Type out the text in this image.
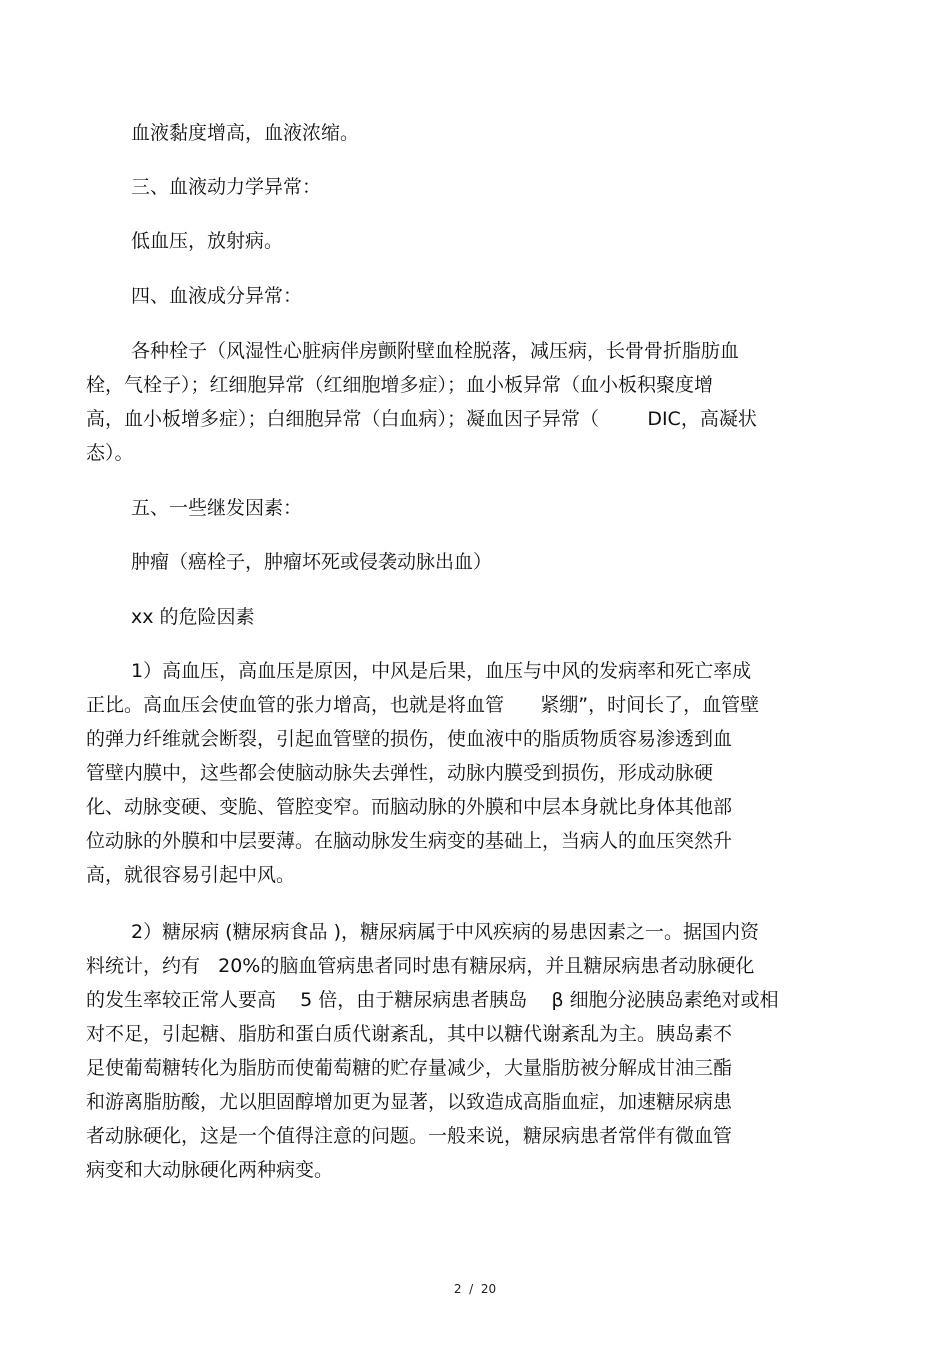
血液黏度增高，血液浓缩。
三、血液动力学异常：
低血压，放射病。
四、血液成分异常：
各种栓子（风湿性心脏病伴房颤附壁血栓脱落，减压病，长骨骨折脂肪血
栓，气栓子）；红细胞异常（红细胞增多症）；血小板异常（血小板积聚度增
高，血小板增多症）；白细胞异常（白血病）；凝血因子异常（        DIC，高凝状
态）。
五、一些继发因素：
肿瘤（癌栓子，肿瘤坏死或侵袭动脉出血）
xx 的危险因素
1）高血压，高血压是原因，中风是后果，血压与中风的发病率和死亡率成
正比。高血压会使血管的张力增高，也就是将血管      紧绷”，时间长了，血管壁
的弹力纤维就会断裂，引起血管壁的损伤，使血液中的脂质物质容易渗透到血
管壁内膜中，这些都会使脑动脉失去弹性，动脉内膜受到损伤，形成动脉硬
化、动脉变硬、变脆、管腔变窄。而脑动脉的外膜和中层本身就比身体其他部
位动脉的外膜和中层要薄。在脑动脉发生病变的基础上，当病人的血压突然升
高，就很容易引起中风。
2）糖尿病 (糖尿病食品 )，糖尿病属于中风疾病的易患因素之一。据国内资
料统计，约有   20%的脑血管病患者同时患有糖尿病，并且糖尿病患者动脉硬化
的发生率较正常人要高    5 倍，由于糖尿病患者胰岛    β 细胞分泌胰岛素绝对或相
对不足，引起糖、脂肪和蛋白质代谢紊乱，其中以糖代谢紊乱为主。胰岛素不
足使葡萄糖转化为脂肪而使葡萄糖的贮存量减少，大量脂肪被分解成甘油三酯
和游离脂肪酸，尤以胆固醇增加更为显著，以致造成高脂血症，加速糖尿病患
者动脉硬化，这是一个值得注意的问题。一般来说，糖尿病患者常伴有微血管
病变和大动脉硬化两种病变。
2  /  20
